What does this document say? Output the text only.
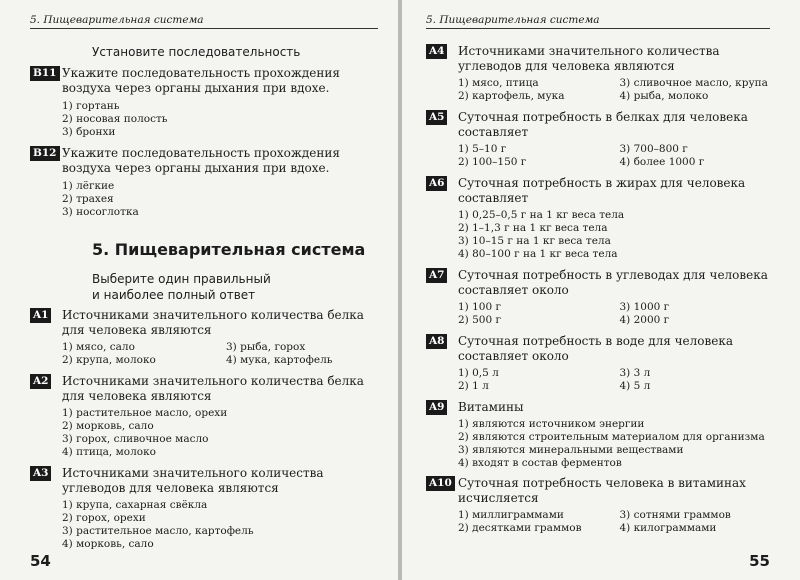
5. Пищеварительная система
Установите последовательность
B11 Укажите последовательность прохождения воздуха через органы дыхания при вдохе.
1) гортань
2) носовая полость
3) бронхи
B12 Укажите последовательность прохождения воздуха через органы дыхания при вдохе.
1) лёгкие
2) трахея
3) носоглотка
5. Пищеварительная система
Выберите один правильный и наиболее полный ответ
A1 Источниками значительного количества белка для человека являются
1) мясо, сало	3) рыба, горох
2) крупа, молоко	4) мука, картофель
A2 Источниками значительного количества белка для человека являются
1) растительное масло, орехи
2) морковь, сало
3) горох, сливочное масло
4) птица, молоко
A3 Источниками значительного количества углеводов для человека являются
1) крупа, сахарная свёкла
2) горох, орехи
3) растительное масло, картофель
4) морковь, сало
54
5. Пищеварительная система
A4 Источниками значительного количества углеводов для человека являются
1) мясо, птица	3) сливочное масло, крупа
2) картофель, мука	4) рыба, молоко
A5 Суточная потребность в белках для человека составляет
1) 5–10 г	3) 700–800 г
2) 100–150 г	4) более 1000 г
A6 Суточная потребность в жирах для человека составляет
1) 0,25–0,5 г на 1 кг веса тела
2) 1–1,3 г на 1 кг веса тела
3) 10–15 г на 1 кг веса тела
4) 80–100 г на 1 кг веса тела
A7 Суточная потребность в углеводах для человека составляет около
1) 100 г	3) 1000 г
2) 500 г	4) 2000 г
A8 Суточная потребность в воде для человека составляет около
1) 0,5 л	3) 3 л
2) 1 л	4) 5 л
A9 Витамины
1) являются источником энергии
2) являются строительным материалом для организма
3) являются минеральными веществами
4) входят в состав ферментов
A10 Суточная потребность человека в витаминах исчисляется
1) миллиграммами	3) сотнями граммов
2) десятками граммов	4) килограммами
55
